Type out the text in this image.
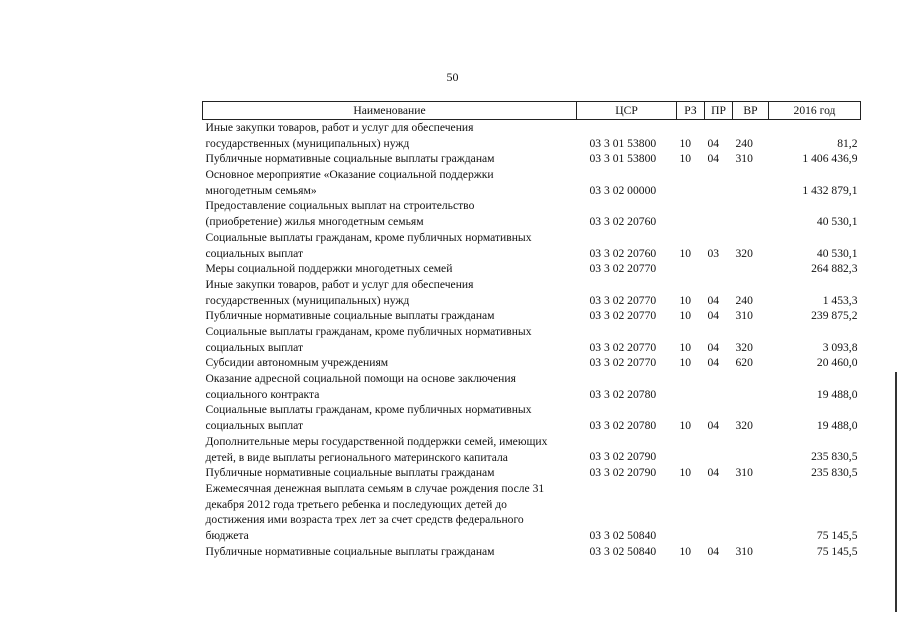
50
Наименование	ЦСР	РЗ	ПР	ВР	2016 год

Иные закупки товаров, работ и услуг для обеспечения
государственных (муниципальных) нужд	03 3 01 53800	10	04	240	81,2

Публичные нормативные социальные выплаты гражданам	03 3 01 53800	10	04	310	1 406 436,9

Основное мероприятие «Оказание социальной поддержки
многодетным семьям»	03 3 02 00000				1 432 879,1

Предоставление социальных выплат на строительство
(приобретение) жилья многодетным семьям	03 3 02 20760				40 530,1

Социальные выплаты гражданам, кроме публичных нормативных
социальных выплат	03 3 02 20760	10	03	320	40 530,1

Меры социальной поддержки многодетных семей	03 3 02 20770				264 882,3

Иные закупки товаров, работ и услуг для обеспечения
государственных (муниципальных) нужд	03 3 02 20770	10	04	240	1 453,3

Публичные нормативные социальные выплаты гражданам	03 3 02 20770	10	04	310	239 875,2

Социальные выплаты гражданам, кроме публичных нормативных
социальных выплат	03 3 02 20770	10	04	320	3 093,8

Субсидии автономным учреждениям	03 3 02 20770	10	04	620	20 460,0

Оказание адресной социальной помощи на основе заключения
социального контракта	03 3 02 20780				19 488,0

Социальные выплаты гражданам, кроме публичных нормативных
социальных выплат	03 3 02 20780	10	04	320	19 488,0

Дополнительные меры государственной поддержки семей, имеющих
детей, в виде выплаты регионального материнского капитала	03 3 02 20790				235 830,5

Публичные нормативные социальные выплаты гражданам	03 3 02 20790	10	04	310	235 830,5

Ежемесячная денежная выплата семьям в случае рождения после 31
декабря 2012 года третьего ребенка и последующих детей до
достижения ими возраста трех лет за счет средств федерального
бюджета	03 3 02 50840				75 145,5

Публичные нормативные социальные выплаты гражданам	03 3 02 50840	10	04	310	75 145,5
